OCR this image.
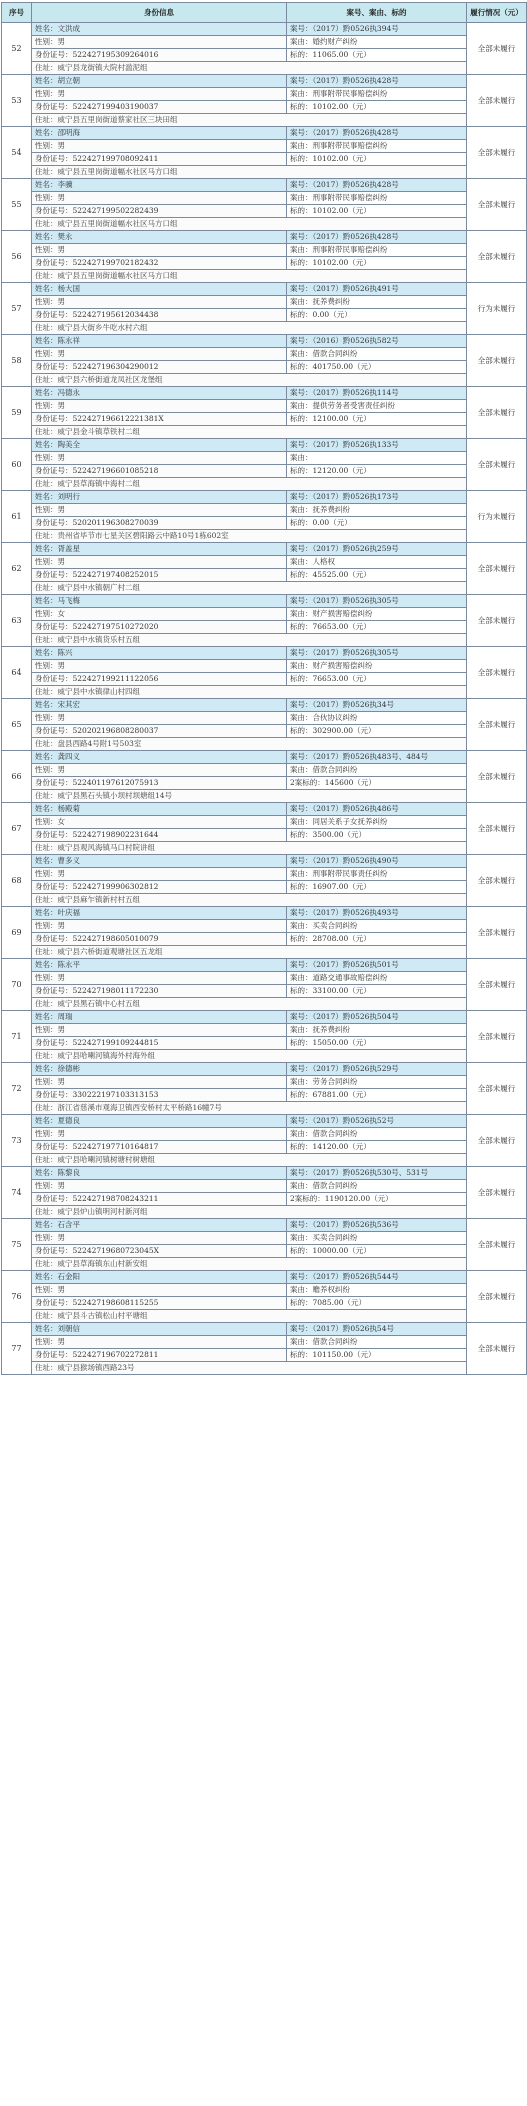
序号	身份信息	案号、案由、标的	履行情况（元）
52	姓名：文洪成	案号：（2017）黔0526执394号	全部未履行
	性别：男	案由：婚约财产纠纷	
	身份证号：522427195309264016	标的：11065.00（元）	
	住址：威宁县龙街镇大院村滥泥组		
53	姓名：胡立朝	案号：（2017）黔0526执428号	全部未履行
	性别：男	案由：刑事附带民事赔偿纠纷	
	身份证号：522427199403190037	标的：10102.00（元）	
	住址：威宁县五里岗街道蔡家社区三块田组		
54	姓名：邵明海	案号：（2017）黔0526执428号	全部未履行
	性别：男	案由：刑事附带民事赔偿纠纷	
	身份证号：522427199708092411	标的：10102.00（元）	
	住址：威宁县五里岗街道幅水社区马方口组		
55	姓名：李骥	案号：（2017）黔0526执428号	全部未履行
	性别：男	案由：刑事附带民事赔偿纠纷	
	身份证号：522427199502282439	标的：10102.00（元）	
	住址：威宁县五里岗街道幅水社区马方口组		
56	姓名：樊永	案号：（2017）黔0526执428号	全部未履行
	性别：男	案由：刑事附带民事赔偿纠纷	
	身份证号：522427199702182432	标的：10102.00（元）	
	住址：威宁县五里岗街道幅水社区马方口组		
57	姓名：杨大国	案号：（2017）黔0526执491号	行为未履行
	性别：男	案由：抚养费纠纷	
	身份证号：522427195612034438	标的：0.00（元）	
	住址：威宁县大街乡牛吃水村六组		
58	姓名：陈永祥	案号：（2016）黔0526执582号	全部未履行
	性别：男	案由：借款合同纠纷	
	身份证号：522427196304290012	标的：401750.00（元）	
	住址：威宁县六桥街道龙凤社区龙堡组		
59	姓名：冯德永	案号：（2017）黔0526执114号	全部未履行
	性别：男	案由：提供劳务者受害责任纠纷	
	身份证号：522427196612221381X	标的：12100.00（元）	
	住址：威宁县金斗镇草铁村二组		
60	姓名：陶美全	案号：（2017）黔0526执133号	全部未履行
	性别：男	案由：	
	身份证号：522427196601085218	标的：12120.00（元）	
	住址：威宁县草海镇中海村二组		
61	姓名：刘明行	案号：（2017）黔0526执173号	行为未履行
	性别：男	案由：抚养费纠纷	
	身份证号：520201196308270039	标的：0.00（元）	
	住址：贵州省毕节市七星关区碧阳路云中路10号1栋602室		
62	姓名：胥盖星	案号：（2017）黔0526执259号	全部未履行
	性别：男	案由：人格权	
	身份证号：522427197408252015	标的：45525.00（元）	
	住址：威宁县中水镇朝广村二组		
63	姓名：马飞梅	案号：（2017）黔0526执305号	全部未履行
	性别：女	案由：财产损害赔偿纠纷	
	身份证号：522427197510272020	标的：76653.00（元）	
	住址：威宁县中水镇货乐村五组		
64	姓名：陈兴	案号：（2017）黔0526执305号	全部未履行
	性别：男	案由：财产损害赔偿纠纷	
	身份证号：522427199211122056	标的：76653.00（元）	
	住址：威宁县中水镇律山村四组		
65	姓名：宋其宏	案号：（2017）黔0526执34号	全部未履行
	性别：男	案由：合伙协议纠纷	
	身份证号：520202196808280037	标的：302900.00（元）	
	住址：盘县西路4号附1号503室		
66	姓名：龚四义	案号：（2017）黔0526执483号、484号	全部未履行
	性别：男	案由：借款合同纠纷	
	身份证号：522401197612075913	2案标的：145600（元）	
	住址：威宁县黑石头镇小坝村坝塘组14号		
67	姓名：杨殿菊	案号：（2017）黔0526执486号	全部未履行
	性别：女	案由：同居关系子女抚养纠纷	
	身份证号：522427198902231644	标的：3500.00（元）	
	住址：威宁县观风海镇马口村院讲组		
68	姓名：曹多义	案号：（2017）黔0526执490号	全部未履行
	性别：男	案由：刑事附带民事责任纠纷	
	身份证号：522427199906302812	标的：16907.00（元）	
	住址：威宁县麻乍镇新村村五组		
69	姓名：叶庆福	案号：（2017）黔0526执493号	全部未履行
	性别：男	案由：买卖合同纠纷	
	身份证号：522427198605010079	标的：28708.00（元）	
	住址：威宁县六桥街道观塘社区五龙组		
70	姓名：陈永平	案号：（2017）黔0526执501号	全部未履行
	性别：男	案由：道路交通事故赔偿纠纷	
	身份证号：522427198011172230	标的：33100.00（元）	
	住址：威宁县黑石镇中心村五组		
71	姓名：周瑞	案号：（2017）黔0526执504号	全部未履行
	性别：男	案由：抚养费纠纷	
	身份证号：522427199109244815	标的：15050.00（元）	
	住址：威宁县哈喇河镇海外村海外组		
72	姓名：徐德彬	案号：（2017）黔0526执529号	全部未履行
	性别：男	案由：劳务合同纠纷	
	身份证号：330222197103313153	标的：67881.00（元）	
	住址：浙江省慈溪市观海卫镇西安桥村太平桥路16幢7号		
73	姓名：夏德良	案号：（2017）黔0526执52号	全部未履行
	性别：男	案由：借款合同纠纷	
	身份证号：522427197710164817	标的：14120.00（元）	
	住址：威宁县哈喇河镇树塘村树塘组		
74	姓名：陈黎良	案号：（2017）黔0526执530号、531号	全部未履行
	性别：男	案由：借款合同纠纷	
	身份证号：522427198708243211	2案标的：1190120.00（元）	
	住址：威宁县炉山镇明河村新河组		
75	姓名：石含平	案号：（2017）黔0526执536号	全部未履行
	性别：男	案由：买卖合同纠纷	
	身份证号：52242719680723045X	标的：10000.00（元）	
	住址：威宁县草海镇东山村新安组		
76	姓名：石金阳	案号：（2017）黔0526执544号	全部未履行
	性别：男	案由：赡养权纠纷	
	身份证号：522427198608115255	标的：7085.00（元）	
	住址：威宁县斗古镇松山村平塘组		
77	姓名：刘朝信	案号：（2017）黔0526执54号	全部未履行
	性别：男	案由：借款合同纠纷	
	身份证号：522427196702272811	标的：101150.00（元）	
	住址：威宁县猴场镇西路23号		
